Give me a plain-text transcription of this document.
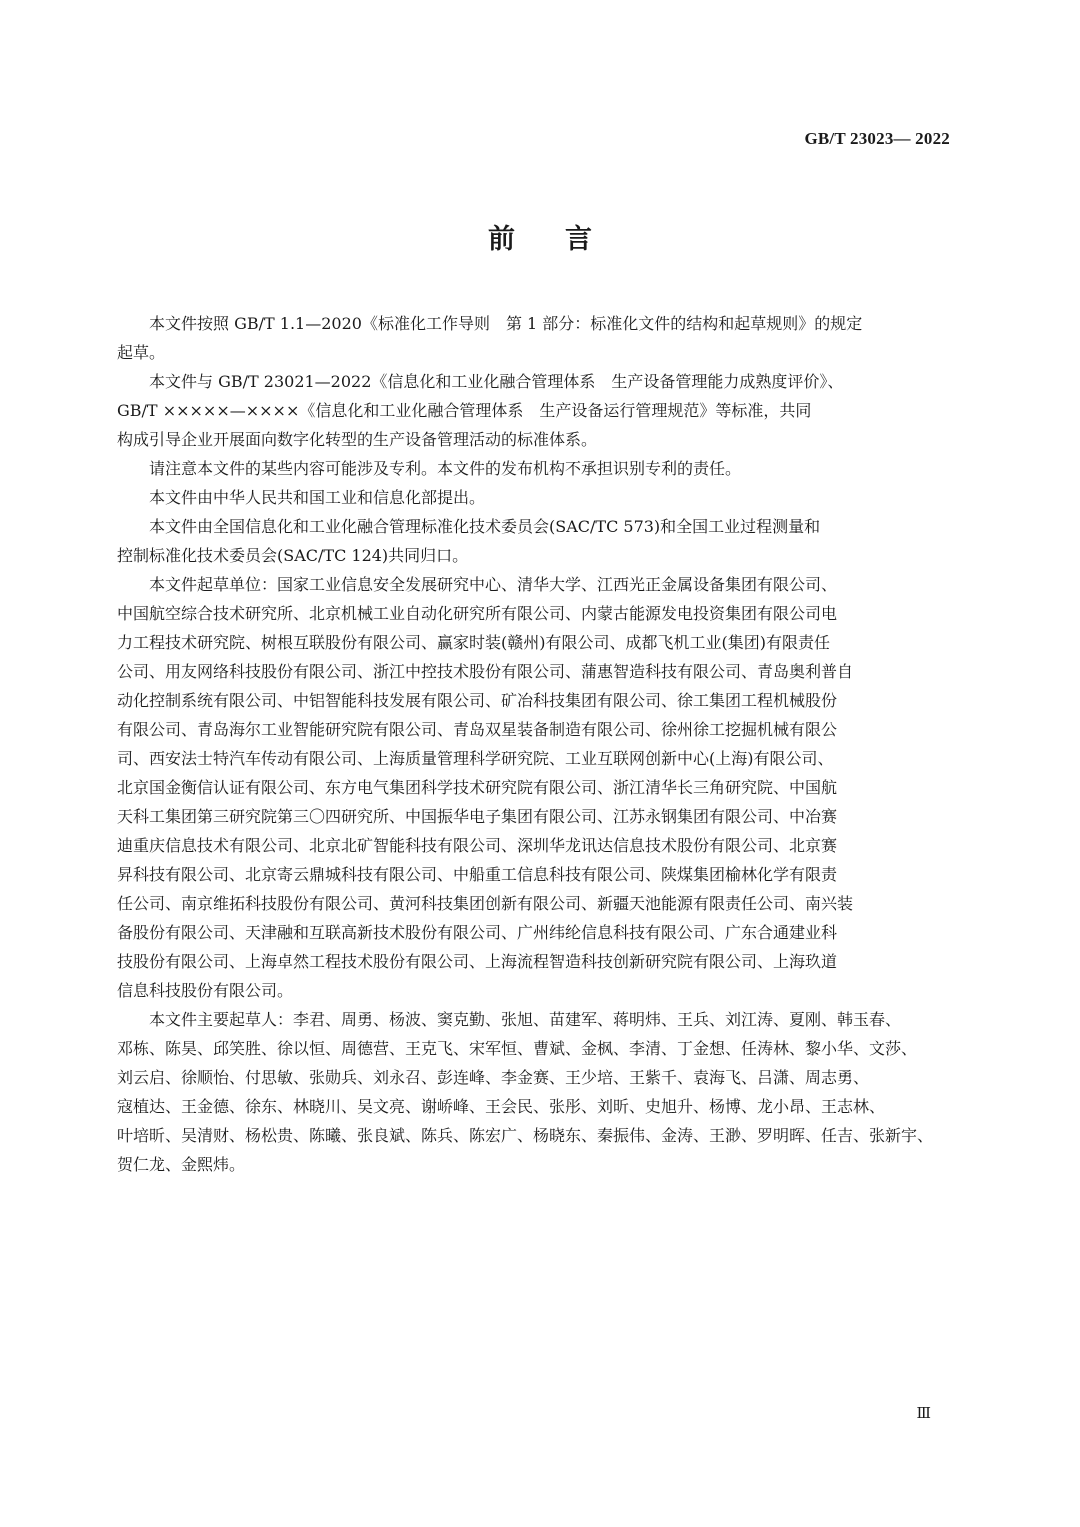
GB/T 23023— 2022
前 言
　　本文件按照 GB/T 1.1—2020《标准化工作导则　第 1 部分：标准化文件的结构和起草规则》的规定
起草。
　　本文件与 GB/T 23021—2022《信息化和工业化融合管理体系　生产设备管理能力成熟度评价》、
GB/T ×××××—××××《信息化和工业化融合管理体系　生产设备运行管理规范》等标准，共同
构成引导企业开展面向数字化转型的生产设备管理活动的标准体系。
　　请注意本文件的某些内容可能涉及专利。本文件的发布机构不承担识别专利的责任。
　　本文件由中华人民共和国工业和信息化部提出。
　　本文件由全国信息化和工业化融合管理标准化技术委员会(SAC/TC 573)和全国工业过程测量和
控制标准化技术委员会(SAC/TC 124)共同归口。
　　本文件起草单位：国家工业信息安全发展研究中心、清华大学、江西光正金属设备集团有限公司、
中国航空综合技术研究所、北京机械工业自动化研究所有限公司、内蒙古能源发电投资集团有限公司电
力工程技术研究院、树根互联股份有限公司、赢家时装(赣州)有限公司、成都飞机工业(集团)有限责任
公司、用友网络科技股份有限公司、浙江中控技术股份有限公司、蒲惠智造科技有限公司、青岛奥利普自
动化控制系统有限公司、中铝智能科技发展有限公司、矿冶科技集团有限公司、徐工集团工程机械股份
有限公司、青岛海尔工业智能研究院有限公司、青岛双星装备制造有限公司、徐州徐工挖掘机械有限公
司、西安法士特汽车传动有限公司、上海质量管理科学研究院、工业互联网创新中心(上海)有限公司、
北京国金衡信认证有限公司、东方电气集团科学技术研究院有限公司、浙江清华长三角研究院、中国航
天科工集团第三研究院第三〇四研究所、中国振华电子集团有限公司、江苏永钢集团有限公司、中冶赛
迪重庆信息技术有限公司、北京北矿智能科技有限公司、深圳华龙讯达信息技术股份有限公司、北京赛
昇科技有限公司、北京寄云鼎城科技有限公司、中船重工信息科技有限公司、陕煤集团榆林化学有限责
任公司、南京维拓科技股份有限公司、黄河科技集团创新有限公司、新疆天池能源有限责任公司、南兴装
备股份有限公司、天津融和互联高新技术股份有限公司、广州纬纶信息科技有限公司、广东合通建业科
技股份有限公司、上海卓然工程技术股份有限公司、上海流程智造科技创新研究院有限公司、上海玖道
信息科技股份有限公司。
　　本文件主要起草人：李君、周勇、杨波、窦克勤、张旭、苗建军、蒋明炜、王兵、刘江涛、夏刚、韩玉春、
邓栋、陈昊、邱笑胜、徐以恒、周德营、王克飞、宋军恒、曹斌、金枫、李清、丁金想、任涛林、黎小华、文莎、
刘云启、徐顺怡、付思敏、张勋兵、刘永召、彭连峰、李金赛、王少培、王紫千、袁海飞、吕潇、周志勇、
寇植达、王金德、徐东、林晓川、吴文亮、谢峤峰、王会民、张彤、刘昕、史旭升、杨博、龙小昂、王志林、
叶培昕、吴清财、杨松贵、陈曦、张良斌、陈兵、陈宏广、杨晓东、秦振伟、金涛、王渺、罗明晖、任吉、张新宇、
贺仁龙、金熙炜。
Ⅲ
